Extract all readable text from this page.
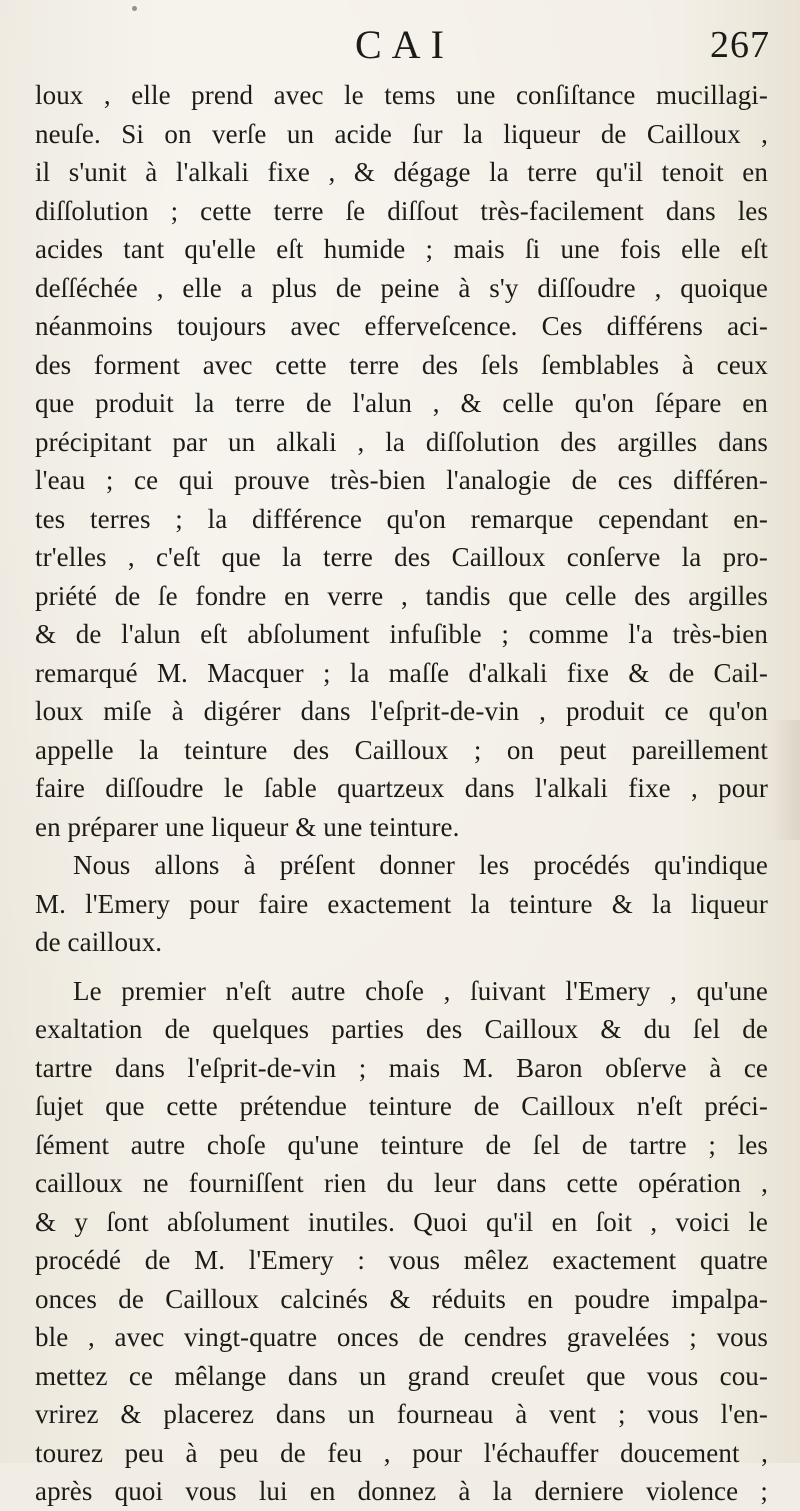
CAI	267
loux , elle prend avec le tems une conſiſtance mucillagi-
neuſe. Si on verſe un acide ſur la liqueur de Cailloux ,
il s'unit à l'alkali fixe , & dégage la terre qu'il tenoit en
diſſolution ; cette terre ſe diſſout très-facilement dans les
acides tant qu'elle eſt humide ; mais ſi une fois elle eſt
deſſéchée , elle a plus de peine à s'y diſſoudre , quoique
néanmoins toujours avec efferveſcence. Ces différens aci-
des forment avec cette terre des ſels ſemblables à ceux
que produit la terre de l'alun , & celle qu'on ſépare en
précipitant par un alkali , la diſſolution des argilles dans
l'eau ; ce qui prouve très-bien l'analogie de ces différen-
tes terres ; la différence qu'on remarque cependant en-
tr'elles , c'eſt que la terre des Cailloux conſerve la pro-
priété de ſe fondre en verre , tandis que celle des argilles
& de l'alun eſt abſolument infuſible ; comme l'a très-bien
remarqué M. Macquer ; la maſſe d'alkali fixe & de Cail-
loux miſe à digérer dans l'eſprit-de-vin , produit ce qu'on
appelle la teinture des Cailloux ; on peut pareillement
faire diſſoudre le ſable quartzeux dans l'alkali fixe , pour
en préparer une liqueur & une teinture.
Nous allons à préſent donner les procédés qu'indique
M. l'Emery pour faire exactement la teinture & la liqueur
de cailloux.
Le premier n'eſt autre choſe , ſuivant l'Emery , qu'une
exaltation de quelques parties des Cailloux & du ſel de
tartre dans l'eſprit-de-vin ; mais M. Baron obſerve à ce
ſujet que cette prétendue teinture de Cailloux n'eſt préci-
ſément autre choſe qu'une teinture de ſel de tartre ; les
cailloux ne fourniſſent rien du leur dans cette opération ,
& y ſont abſolument inutiles. Quoi qu'il en ſoit , voici le
procédé de M. l'Emery : vous mêlez exactement quatre
onces de Cailloux calcinés & réduits en poudre impalpa-
ble , avec vingt-quatre onces de cendres gravelées ; vous
mettez ce mêlange dans un grand creuſet que vous cou-
vrirez & placerez dans un fourneau à vent ; vous l'en-
tourez peu à peu de feu , pour l'échauffer doucement ,
après quoi vous lui en donnez à la derniere violence ;
